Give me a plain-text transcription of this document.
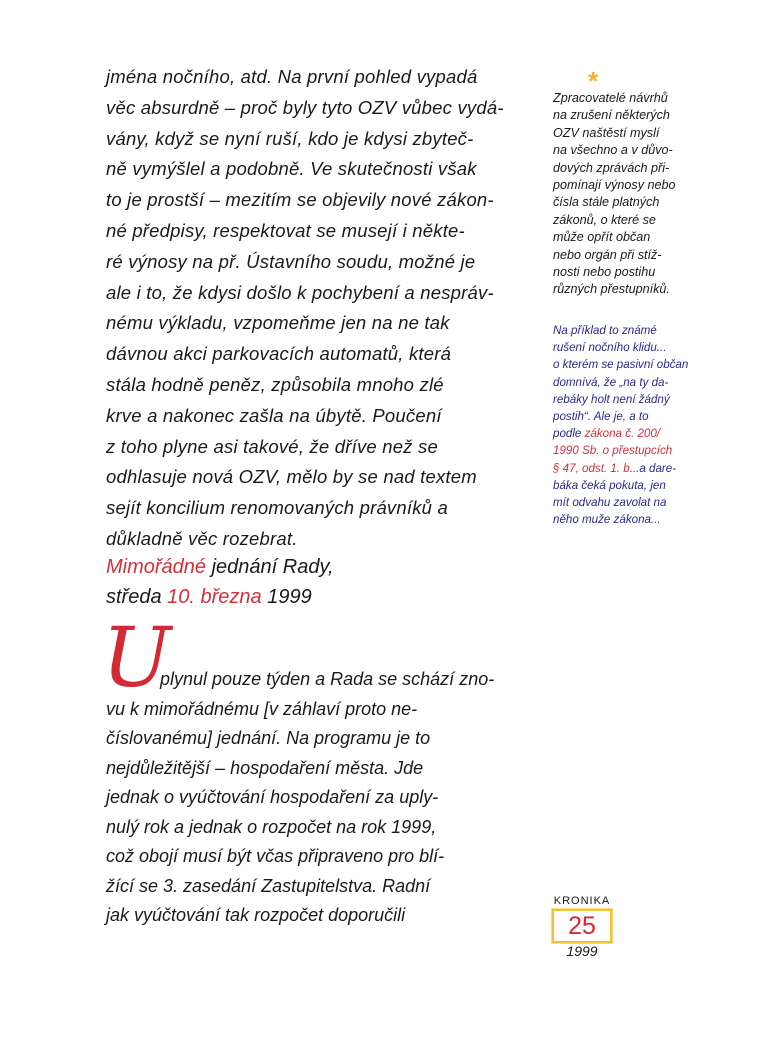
jména nočního, atd. Na první pohled vypadá
věc absurdně – proč byly tyto OZV vůbec vydá-
vány, když se nyní ruší, kdo je kdysi zbyteč-
ně vymýšlel a podobně. Ve skutečnosti však
to je prostší – mezitím se objevily nové zákon-
né předpisy, respektovat se musejí i někte-
ré výnosy na př. Ústavního soudu, možné je
ale i to, že kdysi došlo k pochybení a nespráv-
nému výkladu, vzpomeňme jen na ne tak
dávnou akci parkovacích automatů, která
stála hodně peněz, způsobila mnoho zlé
krve a nakonec zašla na úbytě. Poučení
z toho plyne asi takové, že dříve než se
odhlasuje nová OZV, mělo by se nad textem
sejít koncilium renomovaných právníků a
důkladně věc rozebrat.
*
Zpracovatelé návrhů
na zrušení některých
OZV naštěstí myslí
na všechno a v důvo-
dových zprávách při-
pomínají výnosy nebo
čísla stále platných
zákonů, o které se
může opřít občan
nebo orgán při stíž-
nosti nebo postihu
různých přestupníků.
Na příklad to známé
rušení nočního klidu...
o kterém se pasivní občan
domnívá, že „na ty da-
rebáky holt není žádný
postih“. Ale je, a to
podle zákona č. 200/
1990 Sb. o přestupcích
§ 47, odst. 1. b...a dare-
báka čeká pokuta, jen
mít odvahu zavolat na
něho muže zákona...
Mimořádné jednání Rady,
středa 10. března 1999
U
plynul pouze týden a Rada se schází zno-
vu k mimořádnému [v záhlaví proto ne-
číslovanému] jednání. Na programu je to
nejdůležitější – hospodaření města. Jde
jednak o vyúčtování hospodaření za uply-
nulý rok a jednak o rozpočet na rok 1999,
což obojí musí být včas připraveno pro blí-
žící se 3. zasedání Zastupitelstva. Radní
jak vyúčtování tak rozpočet doporučili
KRONIKA
25
1999
